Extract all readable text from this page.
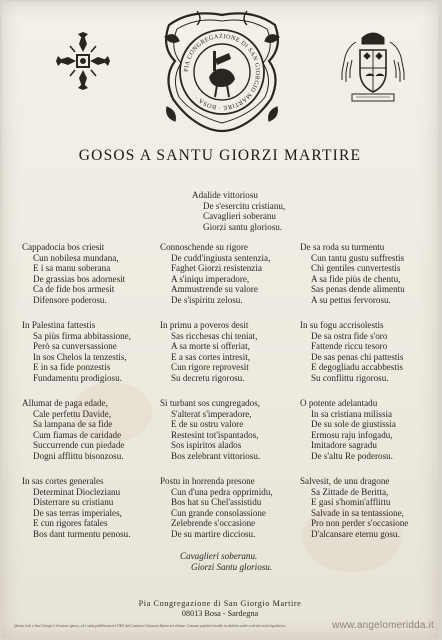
PIA CONGREGAZIONE DI SAN GIORGIO MARTIRE · BOSA ·
GOSOS A SANTU GIORZI MARTIRE
Adalide vittoriosu
De s'esercitu cristianu,
Cavaglieri soberanu
Giorzi santu gloriosu.
Cappadocia bos criesit
Cun nobilesa mundana,
E i sa manu soberana
De grassias bos adornesit
Ca de fide bos armesit
Difensore poderosu.
Connoschende su rigore
De cudd'ingiusta sentenzia,
Faghet Giorzi resistenzia
A s'iniqu imperadore,
Ammustrende su valore
De s'ispiritu zelosu.
De sa roda su turmentu
Cun tantu gustu suffrestis
Chi gentiles cunvertestis
A sa fide piùs de chentu,
Sas penas dende alimentu
A su pettus fervorosu.
In Palestina fattestis
Sa piùs firma abbitassione,
Però sa cunversassione
In sos Chelos la tenzestis,
E in sa fide ponzestis
Fundamentu prodigiosu.
In primu a poveros desit
Sas ricchesas chi teniat,
A sa morte si offeriat,
E a sas cortes intresit,
Cun rigore reprovesit
Su decretu rigorosu.
In su fogu accrisolestis
De sa ostra fide s'oro
Fattende riccu tesoro
De sas penas chi pattestis
E degogliadu accabbestis
Su conflittu rigorosu.
Allumat de paga edade,
Cale perfettu Davide,
Sa lampana de sa fide
Cum fiamas de caridade
Succurrende cun piedade
Dogni afflittu bisonzosu.
Si turbant sos cungregados,
S'alterat s'imperadore,
E de su ostru valore
Restesint tot'ispantados,
Sos ispiritos alados
Bos zelebrant vittoriosu.
O potente adelantadu
In sa cristiana milissia
De su sole de giustissia
Ermosu raju infogadu,
Imitadore sagradu
De s'altu Re poderosu.
In sas cortes generales
Determinat Dioclezianu
Disterrare su cristianu
De sas terras imperiales,
E cun rigores fatales
Bos dant turmentu penosu.
Postu in horrenda presone
Cun d'una pedra opprimidu,
Bos hat su Chel'assistidu
Cun grande consolassione
Zelebrende s'occasione
De su martire dicciosu.
Salvesit, de unu dragone
Sa Zittade de Beritta,
E gasi s'homin'afflittu
Salvade in sa tentassione,
Pro non perder s'occasione
D'alcansare eternu gosu.
Cavaglieri soberanu.
Giorzi Santu gloriosu.
Pia Congregazione di San Giorgio Martire
08013 Bosa - Sardegna
Questa lode a San Giorgio è di autore ignoto, ed è stata pubblicata nel 1965 dal Canonico Giovanni Spano nel volume: Canzoni popolari inedite in dialetto sardo centrale ossia logudorese.	www.angelomeridda.it
